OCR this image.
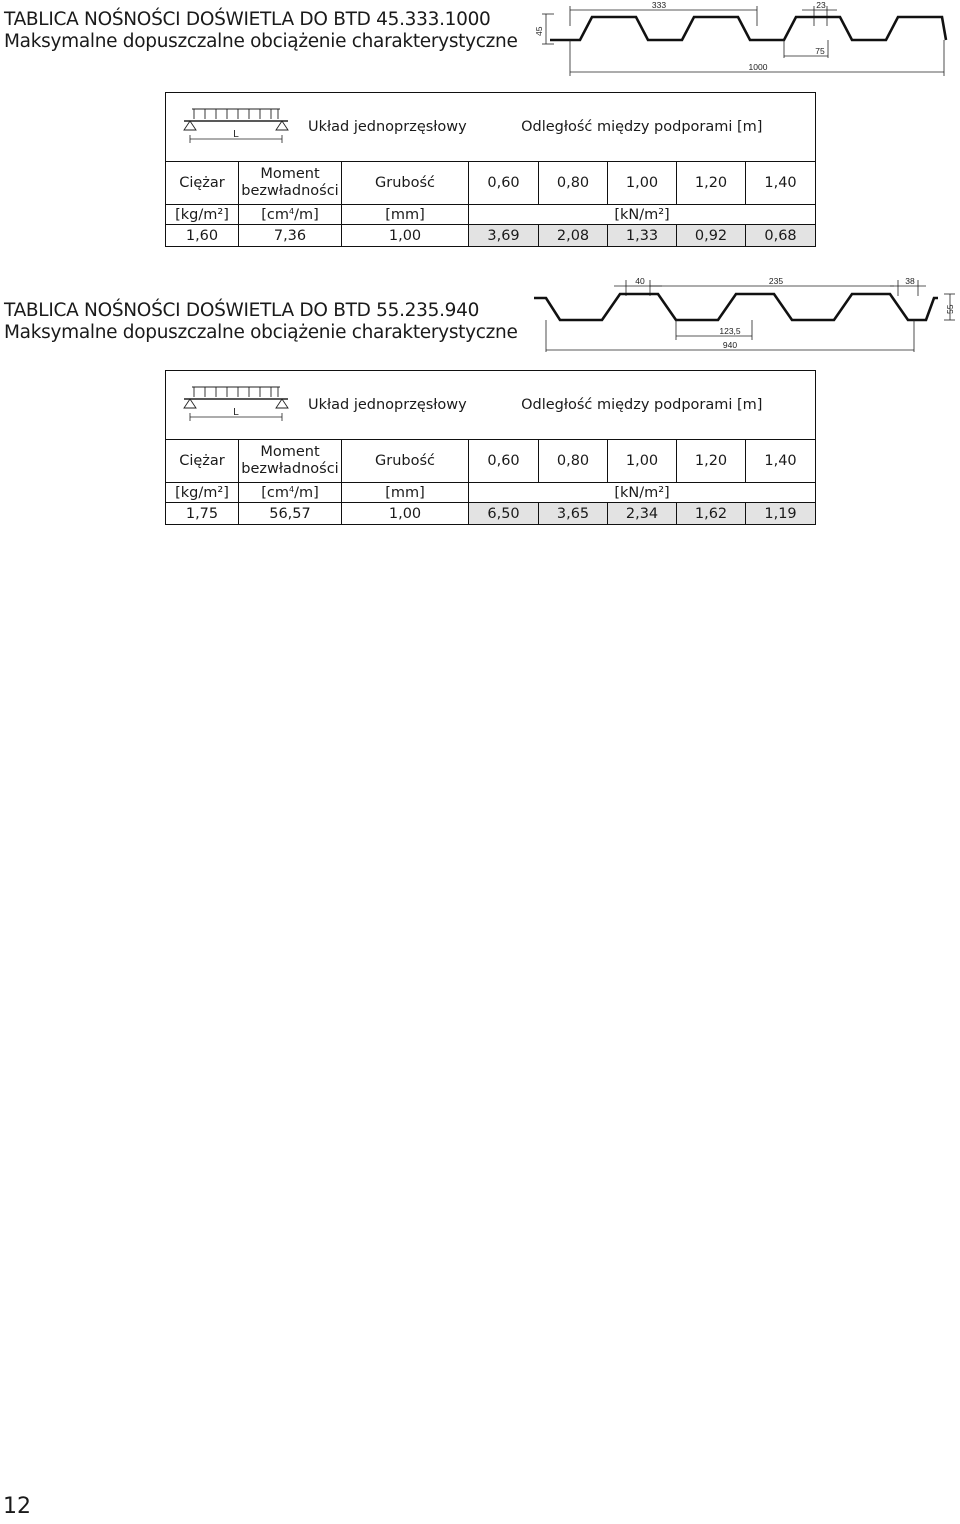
TABLICA NOŚNOŚCI DOŚWIETLA DO BTD 45.333.1000
Maksymalne dopuszczalne obciążenie charakterystyczne
333	23
45
75
1000
L Układ jednoprzęsłowy			Odległość między podporami [m]				
Ciężar	Moment
bezwładności	Grubość	0,60	0,80	1,00	1,20	1,40
[kg/m²]	$[cm^4/m]$	[mm]	[kN/m²]				
1,60	7,36	1,00	3,69	2,08	1,33	0,92	0,68
TABLICA NOŚNOŚCI DOŚWIETLA DO BTD 55.235.940
Maksymalne dopuszczalne obciążenie charakterystyczne
40	235	38
55
123,5
940
L Układ jednoprzęsłowy			Odległość między podporami [m]				
Ciężar	Moment
bezwładności	Grubość	0,60	0,80	1,00	1,20	1,40
[kg/m²]	$[cm^4/m]$	[mm]	[kN/m²]				
1,75	56,57	1,00	6,50	3,65	2,34	1,62	1,19
12
